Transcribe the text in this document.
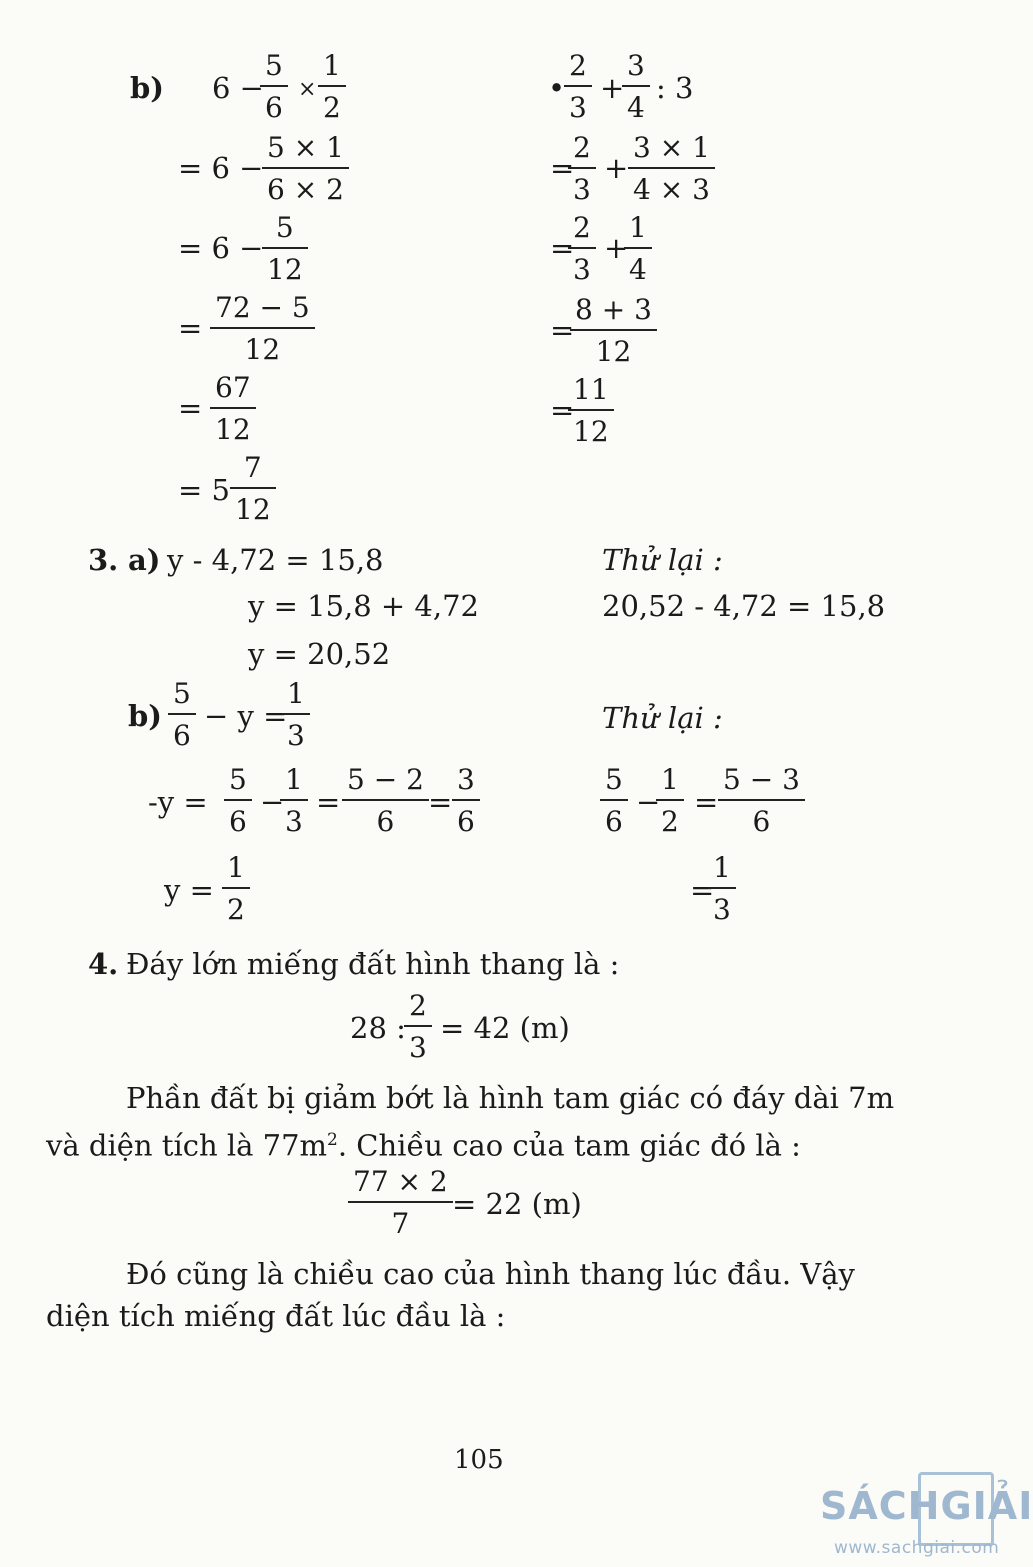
b) 6 −
5
6
×
1
2
= 6 −
5 × 1
6 × 2
= 6 −
5
12
=
72 − 5
12
=
67
12
= 5
7
12
•
2
3
+
3
4
: 3
=
2
3
+
3 × 1
4 × 3
=
2
3
+
1
4
=
8 + 3
12
=
11
12
3. a) y - 4,72 = 15,8
y = 15,8 + 4,72
y = 20,52
Thử lại :
20,52 - 4,72 = 15,8
b)
5
6
− y =
1
3
Thử lại :
-y =
5
6
−
1
3
=
5 − 2
6
=
3
6
5
6
−
1
2
=
5 − 3
6
y =
1
2
=
1
3
4. Đáy lớn miếng đất hình thang là :
28 :
2
3
= 42 (m)
Phần đất bị giảm bớt là hình tam giác có đáy dài 7m
và diện tích là $77m^2$. Chiều cao của tam giác đó là :
77 × 2
7
= 22 (m)
Đó cũng là chiều cao của hình thang lúc đầu. Vậy
diện tích miếng đất lúc đầu là :
105
SÁCHGIẢI
www.sachgiai.com
